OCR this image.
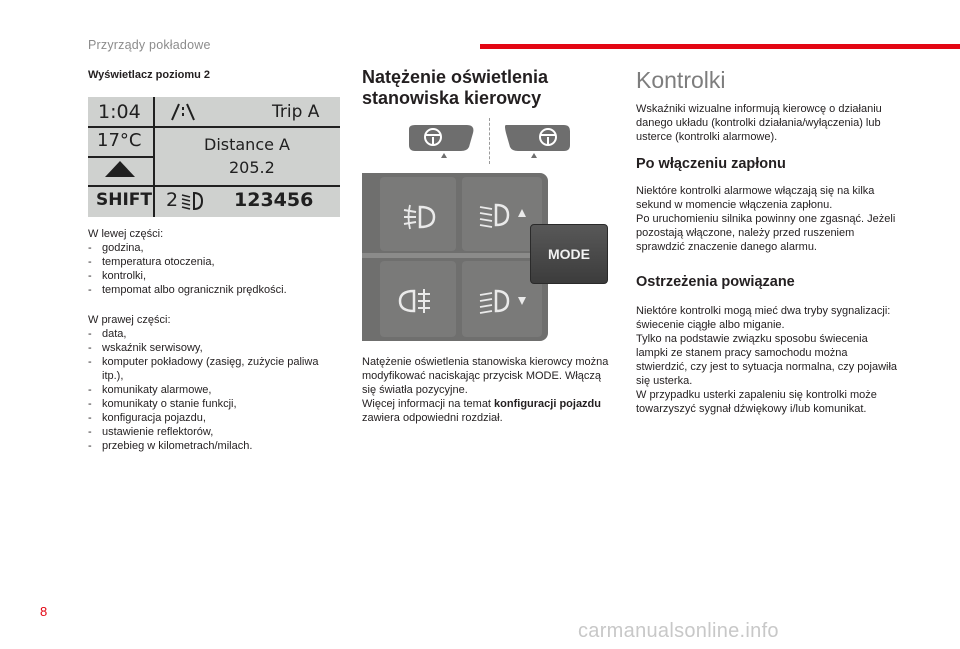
Przyrządy pokładowe
Wyświetlacz poziomu 2
1:04	Trip A
17°C	Distance A
205.2
SHIFT 2	123456

W lewej części:

- godzina,
- temperatura otoczenia,
- kontrolki,
- tempomat albo ogranicznik prędkości.

W prawej części:

- data,
- wskaźnik serwisowy,
- komputer pokładowy (zasięg, zużycie paliwa itp.),
- komunikaty alarmowe,
- komunikaty o stanie funkcji,
- konfiguracja pojazdu,
- ustawienie reflektorów,
- przebieg w kilometrach/milach.
Natężenie oświetlenia stanowiska kierowcy
MODE

Natężenie oświetlenia stanowiska kierowcy można modyfikować naciskając przycisk MODE. Włączą się światła pozycyjne.

Więcej informacji na temat konfiguracji pojazdu zawiera odpowiedni rozdział.

Kontrolki
Wskaźniki wizualne informują kierowcę o działaniu danego układu (kontrolki działania/wyłączenia) lub usterce (kontrolki alarmowe).
Po włączeniu zapłonu

Niektóre kontrolki alarmowe włączają się na kilka sekund w momencie włączenia zapłonu.

Po uruchomieniu silnika powinny one zgasnąć. Jeżeli pozostają włączone, należy przed ruszeniem sprawdzić znaczenie danego alarmu.

Ostrzeżenia powiązane

Niektóre kontrolki mogą mieć dwa tryby sygnalizacji: świecenie ciągłe albo miganie.

Tylko na podstawie związku sposobu świecenia lampki ze stanem pracy samochodu można stwierdzić, czy jest to sytuacja normalna, czy pojawiła się usterka.

W przypadku usterki zapaleniu się kontrolki może towarzyszyć sygnał dźwiękowy i/lub komunikat.

8
carmanualsonline.info
